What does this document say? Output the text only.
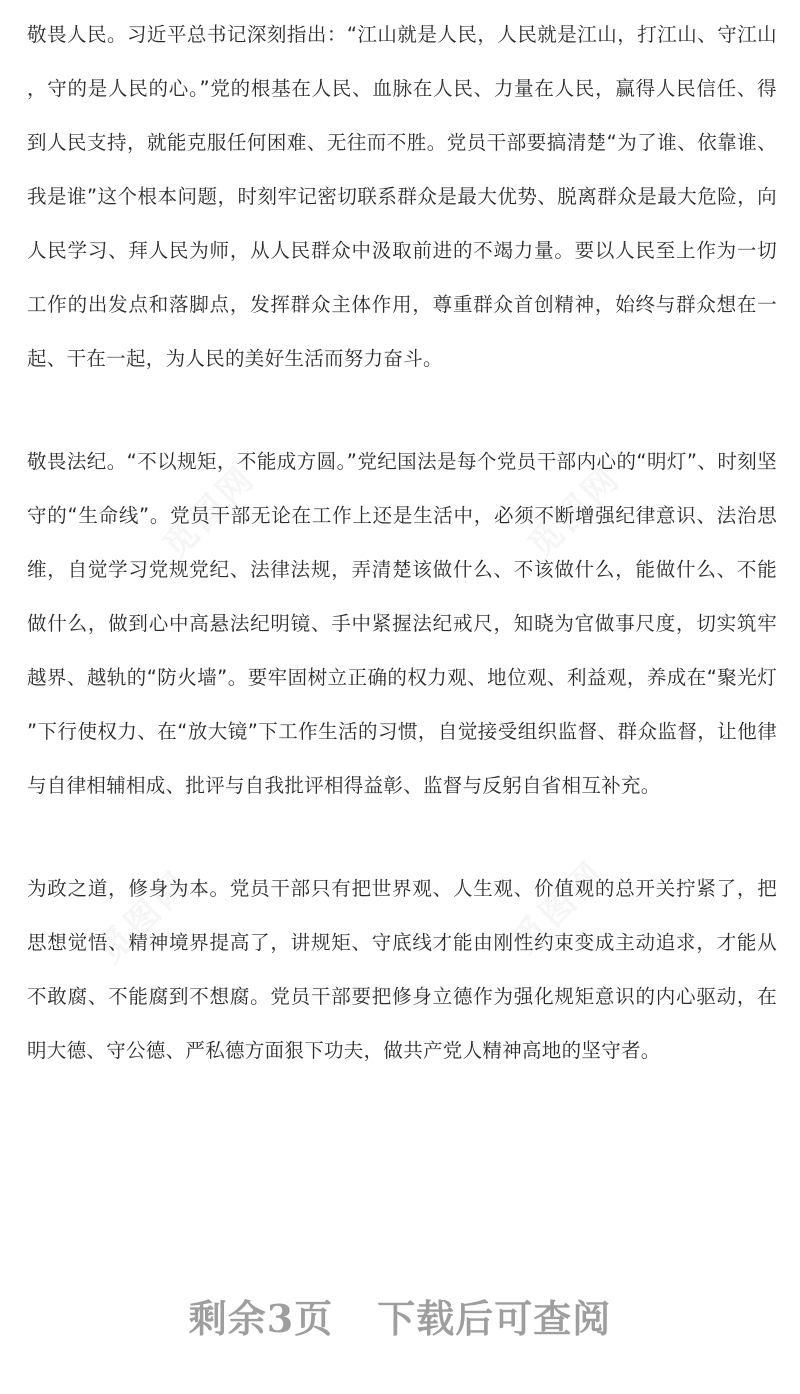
觅图网	觅图网
觅图网	觅图网

敬畏人民。习近平总书记深刻指出：“江山就是人民，人民就是江山，打江山、守江山，守的是人民的心。”党的根基在人民、血脉在人民、力量在人民，赢得人民信任、得到人民支持，就能克服任何困难、无往而不胜。党员干部要搞清楚“为了谁、依靠谁、我是谁”这个根本问题，时刻牢记密切联系群众是最大优势、脱离群众是最大危险，向人民学习、拜人民为师，从人民群众中汲取前进的不竭力量。要以人民至上作为一切工作的出发点和落脚点，发挥群众主体作用，尊重群众首创精神，始终与群众想在一起、干在一起，为人民的美好生活而努力奋斗。

敬畏法纪。“不以规矩，不能成方圆。”党纪国法是每个党员干部内心的“明灯”、时刻坚守的“生命线”。党员干部无论在工作上还是生活中，必须不断增强纪律意识、法治思维，自觉学习党规党纪、法律法规，弄清楚该做什么、不该做什么，能做什么、不能做什么，做到心中高悬法纪明镜、手中紧握法纪戒尺，知晓为官做事尺度，切实筑牢越界、越轨的“防火墙”。要牢固树立正确的权力观、地位观、利益观，养成在“聚光灯”下行使权力、在“放大镜”下工作生活的习惯，自觉接受组织监督、群众监督，让他律与自律相辅相成、批评与自我批评相得益彰、监督与反躬自省相互补充。

为政之道，修身为本。党员干部只有把世界观、人生观、价值观的总开关拧紧了，把思想觉悟、精神境界提高了，讲规矩、守底线才能由刚性约束变成主动追求，才能从不敢腐、不能腐到不想腐。党员干部要把修身立德作为强化规矩意识的内心驱动，在明大德、守公德、严私德方面狠下功夫，做共产党人精神高地的坚守者。

剩余3页 下载后可查阅
